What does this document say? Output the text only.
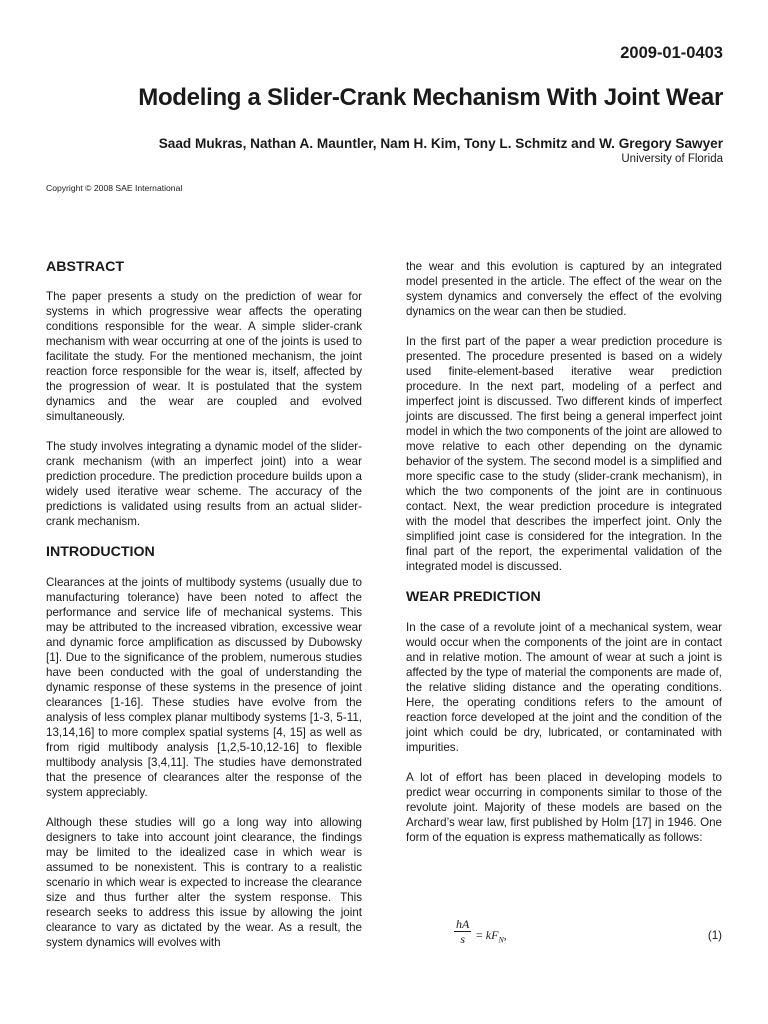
2009-01-0403
Modeling a Slider-Crank Mechanism With Joint Wear
Saad Mukras, Nathan A. Mauntler, Nam H. Kim, Tony L. Schmitz and W. Gregory Sawyer
University of Florida
Copyright © 2008 SAE International
ABSTRACT

The paper presents a study on the prediction of wear for systems in which progressive wear affects the operating conditions responsible for the wear. A simple slider-crank mechanism with wear occurring at one of the joints is used to facilitate the study. For the mentioned mechanism, the joint reaction force responsible for the wear is, itself, affected by the progression of wear. It is postulated that the system dynamics and the wear are coupled and evolved simultaneously.

The study involves integrating a dynamic model of the slider-crank mechanism (with an imperfect joint) into a wear prediction procedure. The prediction procedure builds upon a widely used iterative wear scheme. The accuracy of the predictions is validated using results from an actual slider-crank mechanism.

INTRODUCTION

Clearances at the joints of multibody systems (usually due to manufacturing tolerance) have been noted to affect the performance and service life of mechanical systems. This may be attributed to the increased vibration, excessive wear and dynamic force amplification as discussed by Dubowsky [1]. Due to the significance of the problem, numerous studies have been conducted with the goal of understanding the dynamic response of these systems in the presence of joint clearances [1-16]. These studies have evolve from the analysis of less complex planar multibody systems [1-3, 5-11, 13,14,16] to more complex spatial systems [4, 15] as well as from rigid multibody analysis [1,2,5-10,12-16] to flexible multibody analysis [3,4,11]. The studies have demonstrated that the presence of clearances alter the response of the system appreciably.

Although these studies will go a long way into allowing designers to take into account joint clearance, the findings may be limited to the idealized case in which wear is assumed to be nonexistent. This is contrary to a realistic scenario in which wear is expected to increase the clearance size and thus further alter the system response. This research seeks to address this issue by allowing the joint clearance to vary as dictated by the wear. As a result, the system dynamics will evolves with

the wear and this evolution is captured by an integrated model presented in the article. The effect of the wear on the system dynamics and conversely the effect of the evolving dynamics on the wear can then be studied.

In the first part of the paper a wear prediction procedure is presented. The procedure presented is based on a widely used finite-element-based iterative wear prediction procedure. In the next part, modeling of a perfect and imperfect joint is discussed. Two different kinds of imperfect joints are discussed. The first being a general imperfect joint model in which the two components of the joint are allowed to move relative to each other depending on the dynamic behavior of the system. The second model is a simplified and more specific case to the study (slider-crank mechanism), in which the two components of the joint are in continuous contact. Next, the wear prediction procedure is integrated with the model that describes the imperfect joint. Only the simplified joint case is considered for the integration. In the final part of the report, the experimental validation of the integrated model is discussed.

WEAR PREDICTION

In the case of a revolute joint of a mechanical system, wear would occur when the components of the joint are in contact and in relative motion. The amount of wear at such a joint is affected by the type of material the components are made of, the relative sliding distance and the operating conditions. Here, the operating conditions refers to the amount of reaction force developed at the joint and the condition of the joint which could be dry, lubricated, or contaminated with impurities.

A lot of effort has been placed in developing models to predict wear occurring in components similar to those of the revolute joint. Majority of these models are based on the Archard’s wear law, first published by Holm [17] in 1946. One form of the equation is express mathematically as follows:

$\frac{hA}{s} = kF_N$,	(1)
